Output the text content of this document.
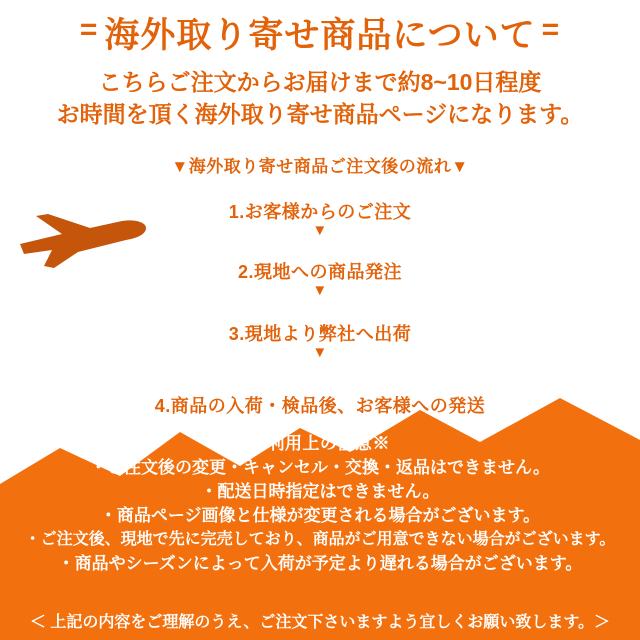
= 海外取り寄せ商品について =
こちらご注文からお届けまで約8~10日程度
お時間を頂く海外取り寄せ商品ページになります。
▼海外取り寄せ商品ご注文後の流れ▼
1.お客様からのご注文
▼
2.現地への商品発注
▼
3.現地より弊社へ出荷
▼
4.商品の入荷・検品後、お客様への発送
※利用上の注意※
・ご注文後の変更・キャンセル・交換・返品はできません。
・配送日時指定はできません。
・商品ページ画像と仕様が変更される場合がございます。
・ご注文後、現地で先に完売しており、商品がご用意できない場合がございます。
・商品やシーズンによって入荷が予定より遅れる場合がございます。
＜ 上記の内容をご理解のうえ、ご注文下さいますよう宜しくお願い致します。＞
